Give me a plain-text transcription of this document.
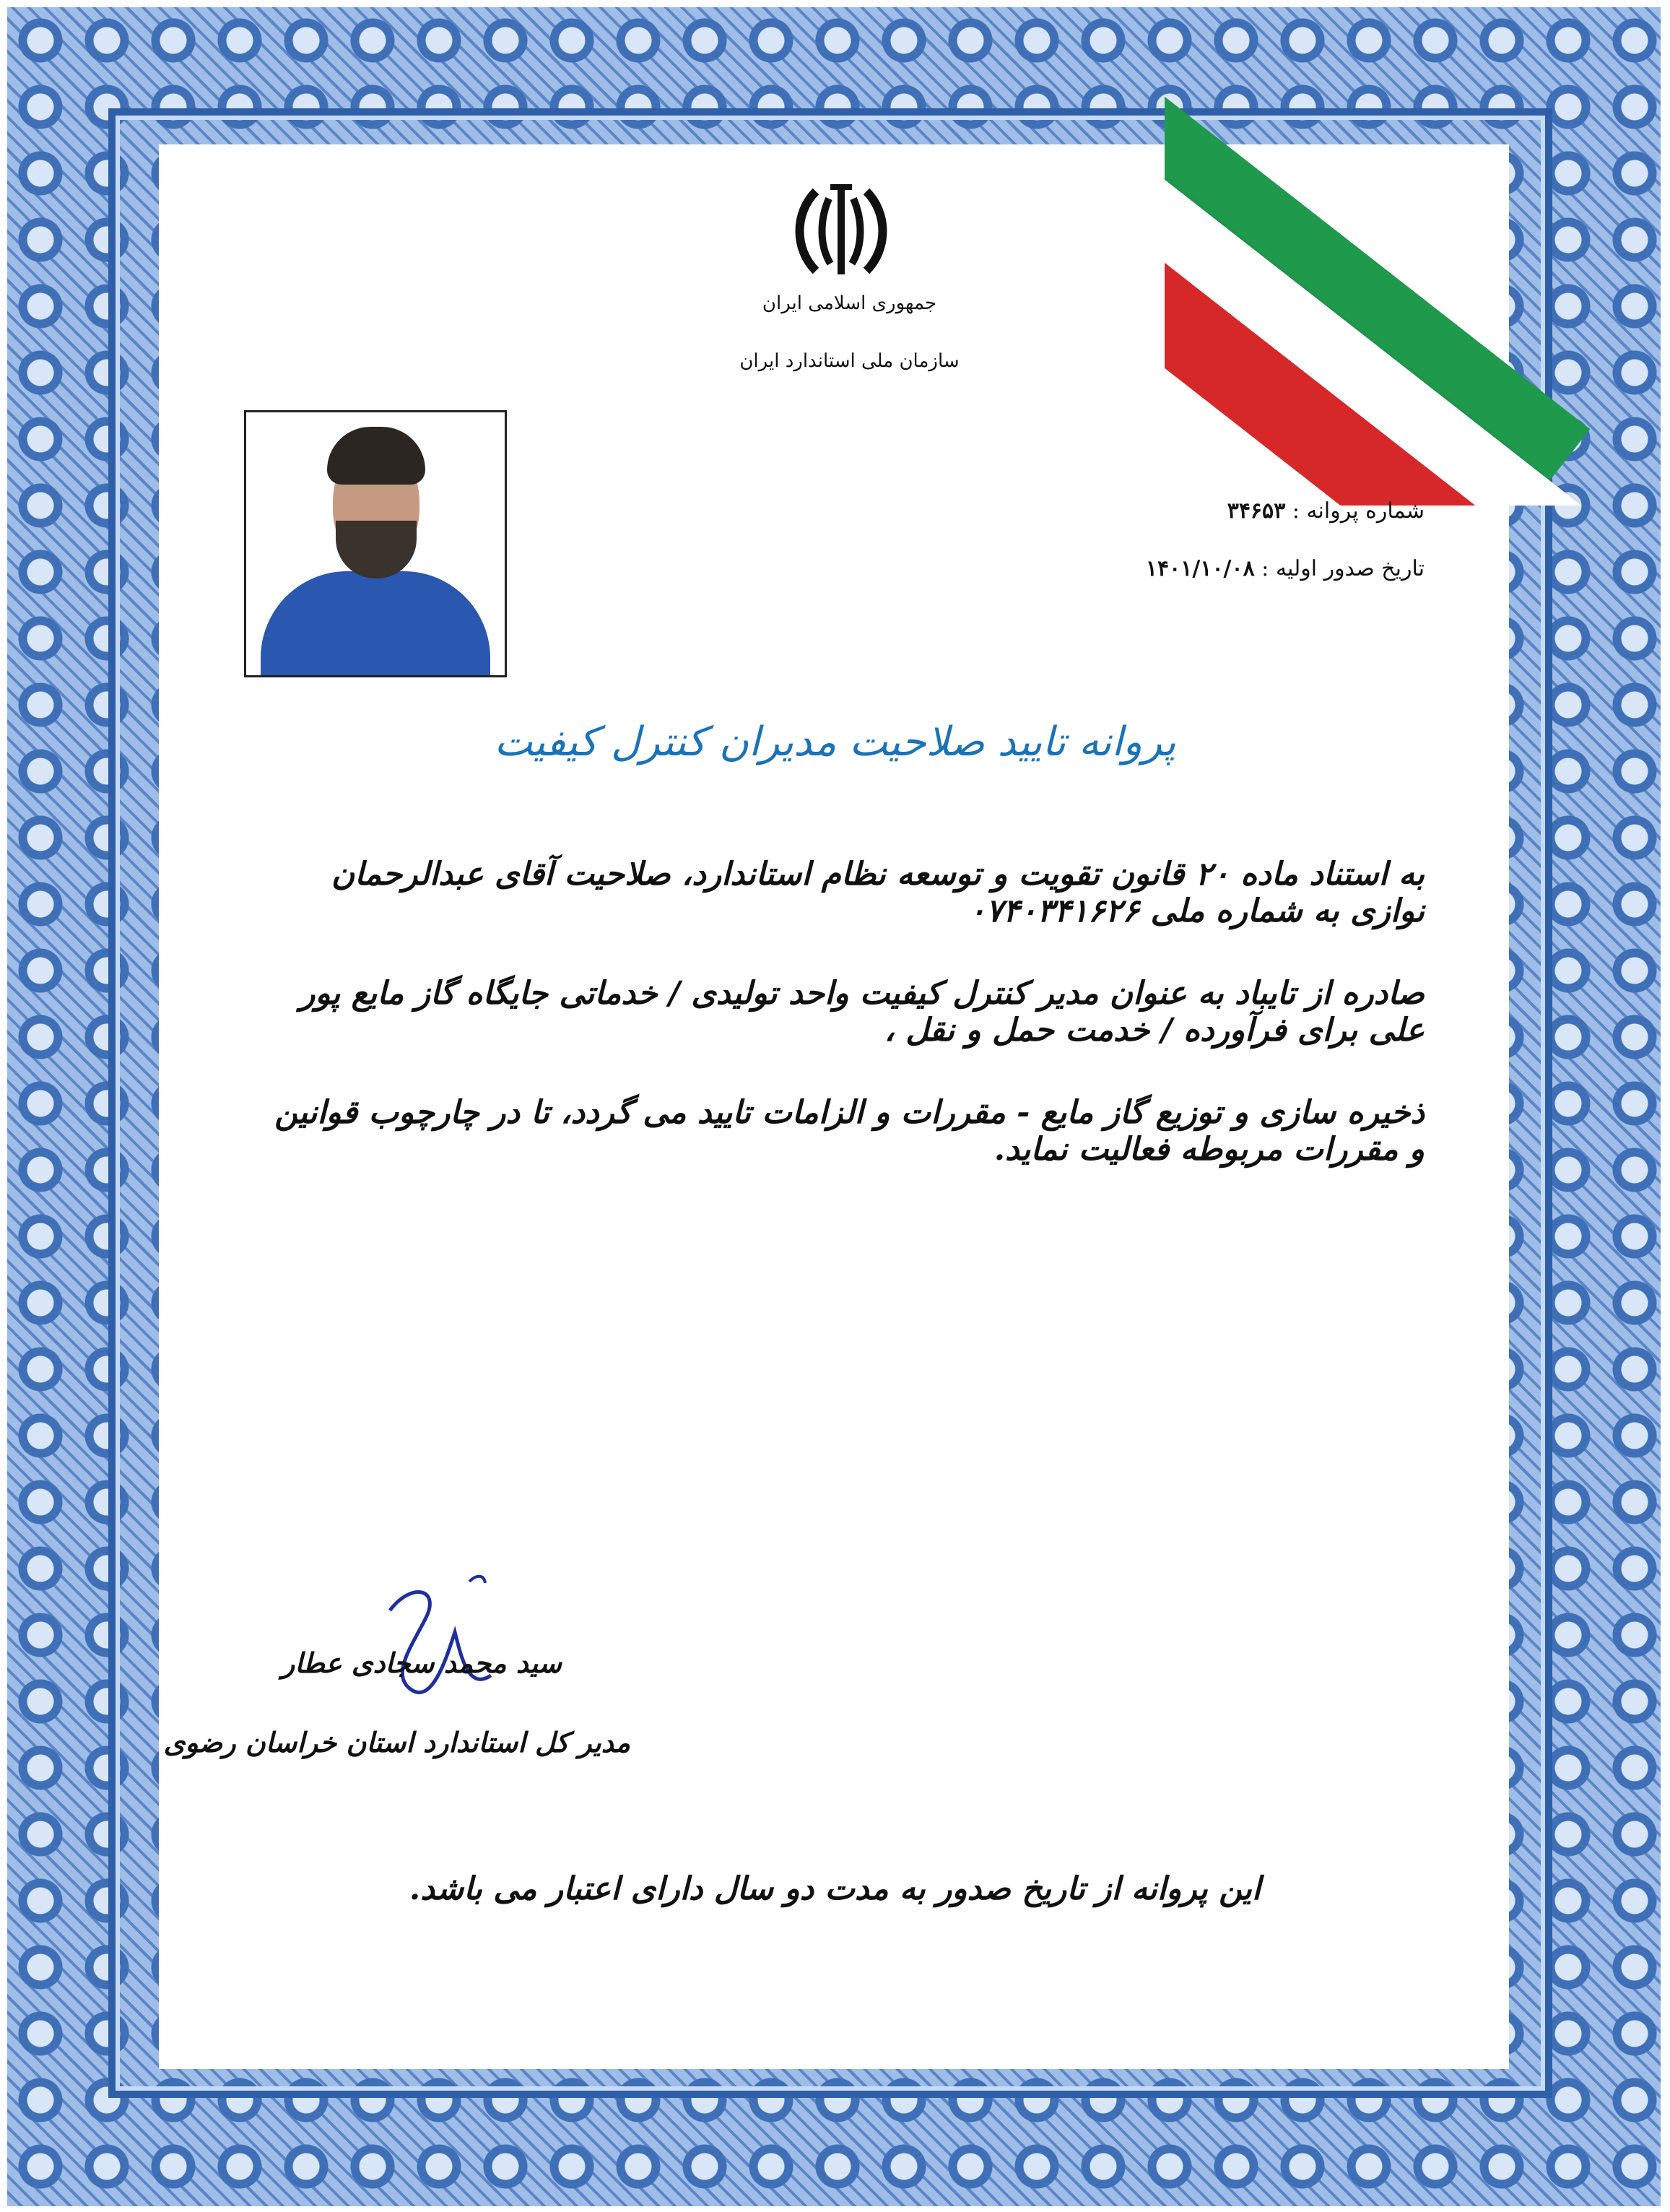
جمهوری اسلامی ایران
سازمان ملی استاندارد ایران
شماره پروانه : ۳۴۶۵۳
تاریخ صدور اولیه : ۱۴۰۱/۱۰/۰۸
پروانه تایید صلاحیت مدیران کنترل کیفیت
به استناد ماده ۲۰ قانون تقویت و توسعه نظام استاندارد، صلاحیت آقای عبدالرحمان نوازی به شماره ملی ۰۷۴۰۳۴۱۶۲۶
صادره از تایباد به عنوان مدیر کنترل کیفیت واحد تولیدی / خدماتی جایگاه گاز مایع پور علی برای فرآورده / خدمت حمل و نقل ،
ذخیره سازی و توزیع گاز مایع - مقررات و الزامات تایید می گردد، تا در چارچوب قوانین و مقررات مربوطه فعالیت نماید.
سید محمد سجادی عطار
مدیر کل استاندارد استان خراسان رضوی
این پروانه از تاریخ صدور به مدت دو سال دارای اعتبار می باشد.
